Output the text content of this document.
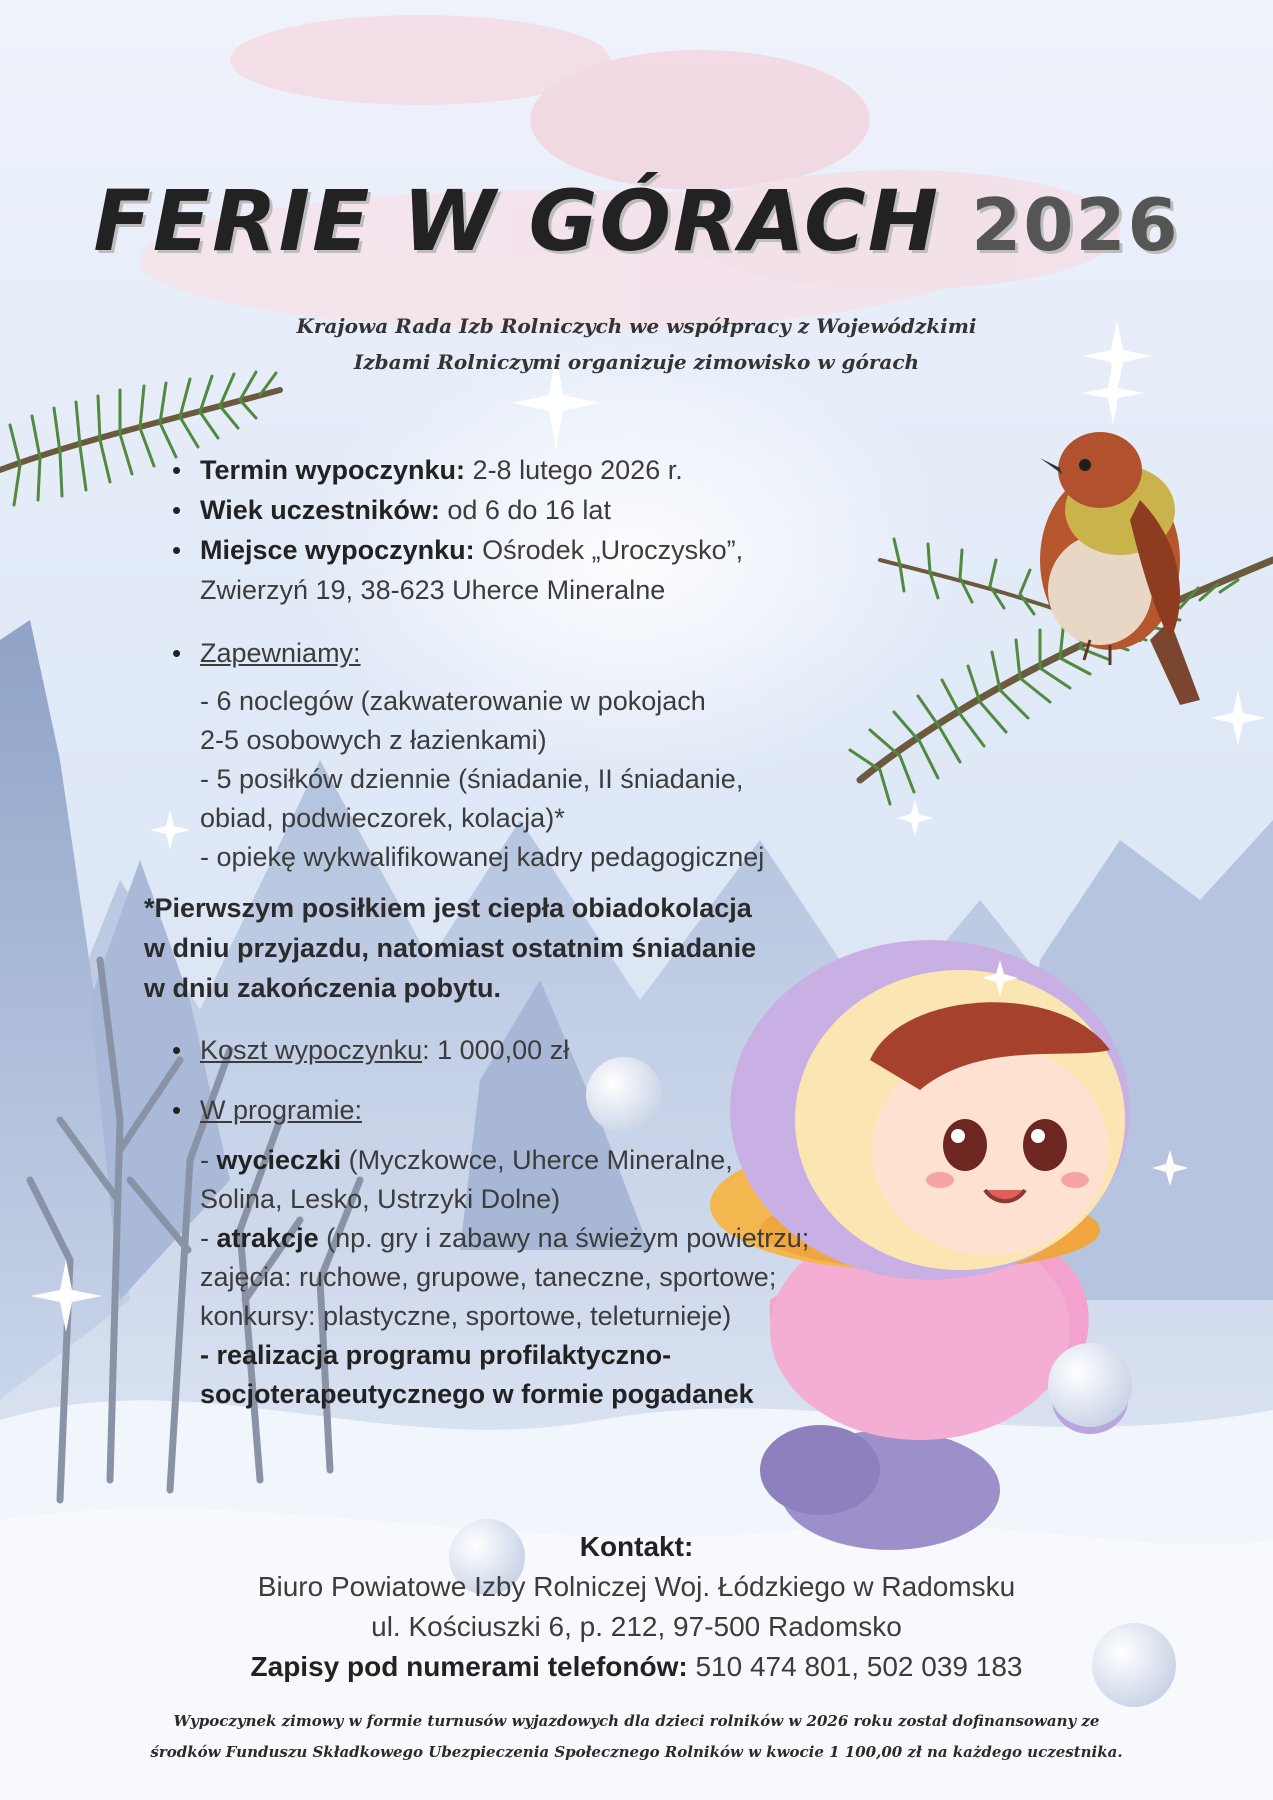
FERIE W GÓRACH 2026
Krajowa Rada Izb Rolniczych we współpracy z Wojewódzkimi
Izbami Rolniczymi organizuje zimowisko w górach
• Termin wypoczynku: 2-8 lutego 2026 r.
• Wiek uczestników: od 6 do 16 lat
• Miejsce wypoczynku: Ośrodek „Uroczysko”,
Zwierzyń 19, 38-623 Uherce Mineralne
• Zapewniamy:
- 6 noclegów (zakwaterowanie w pokojach
2-5 osobowych z łazienkami)
- 5 posiłków dziennie (śniadanie, II śniadanie,
obiad, podwieczorek, kolacja)*
- opiekę wykwalifikowanej kadry pedagogicznej
*Pierwszym posiłkiem jest ciepła obiadokolacja
w dniu przyjazdu, natomiast ostatnim śniadanie
w dniu zakończenia pobytu.
• Koszt wypoczynku: 1 000,00 zł
• W programie:
- wycieczki (Myczkowce, Uherce Mineralne,
Solina, Lesko, Ustrzyki Dolne)
- atrakcje (np. gry i zabawy na świeżym powietrzu;
zajęcia: ruchowe, grupowe, taneczne, sportowe;
konkursy: plastyczne, sportowe, teleturnieje)
- realizacja programu profilaktyczno-
socjoterapeutycznego w formie pogadanek
Kontakt:
Biuro Powiatowe Izby Rolniczej Woj. Łódzkiego w Radomsku
ul. Kościuszki 6, p. 212, 97-500 Radomsko
Zapisy pod numerami telefonów: 510 474 801, 502 039 183
Wypoczynek zimowy w formie turnusów wyjazdowych dla dzieci rolników w 2026 roku został dofinansowany ze
środków Funduszu Składkowego Ubezpieczenia Społecznego Rolników w kwocie 1 100,00 zł na każdego uczestnika.
